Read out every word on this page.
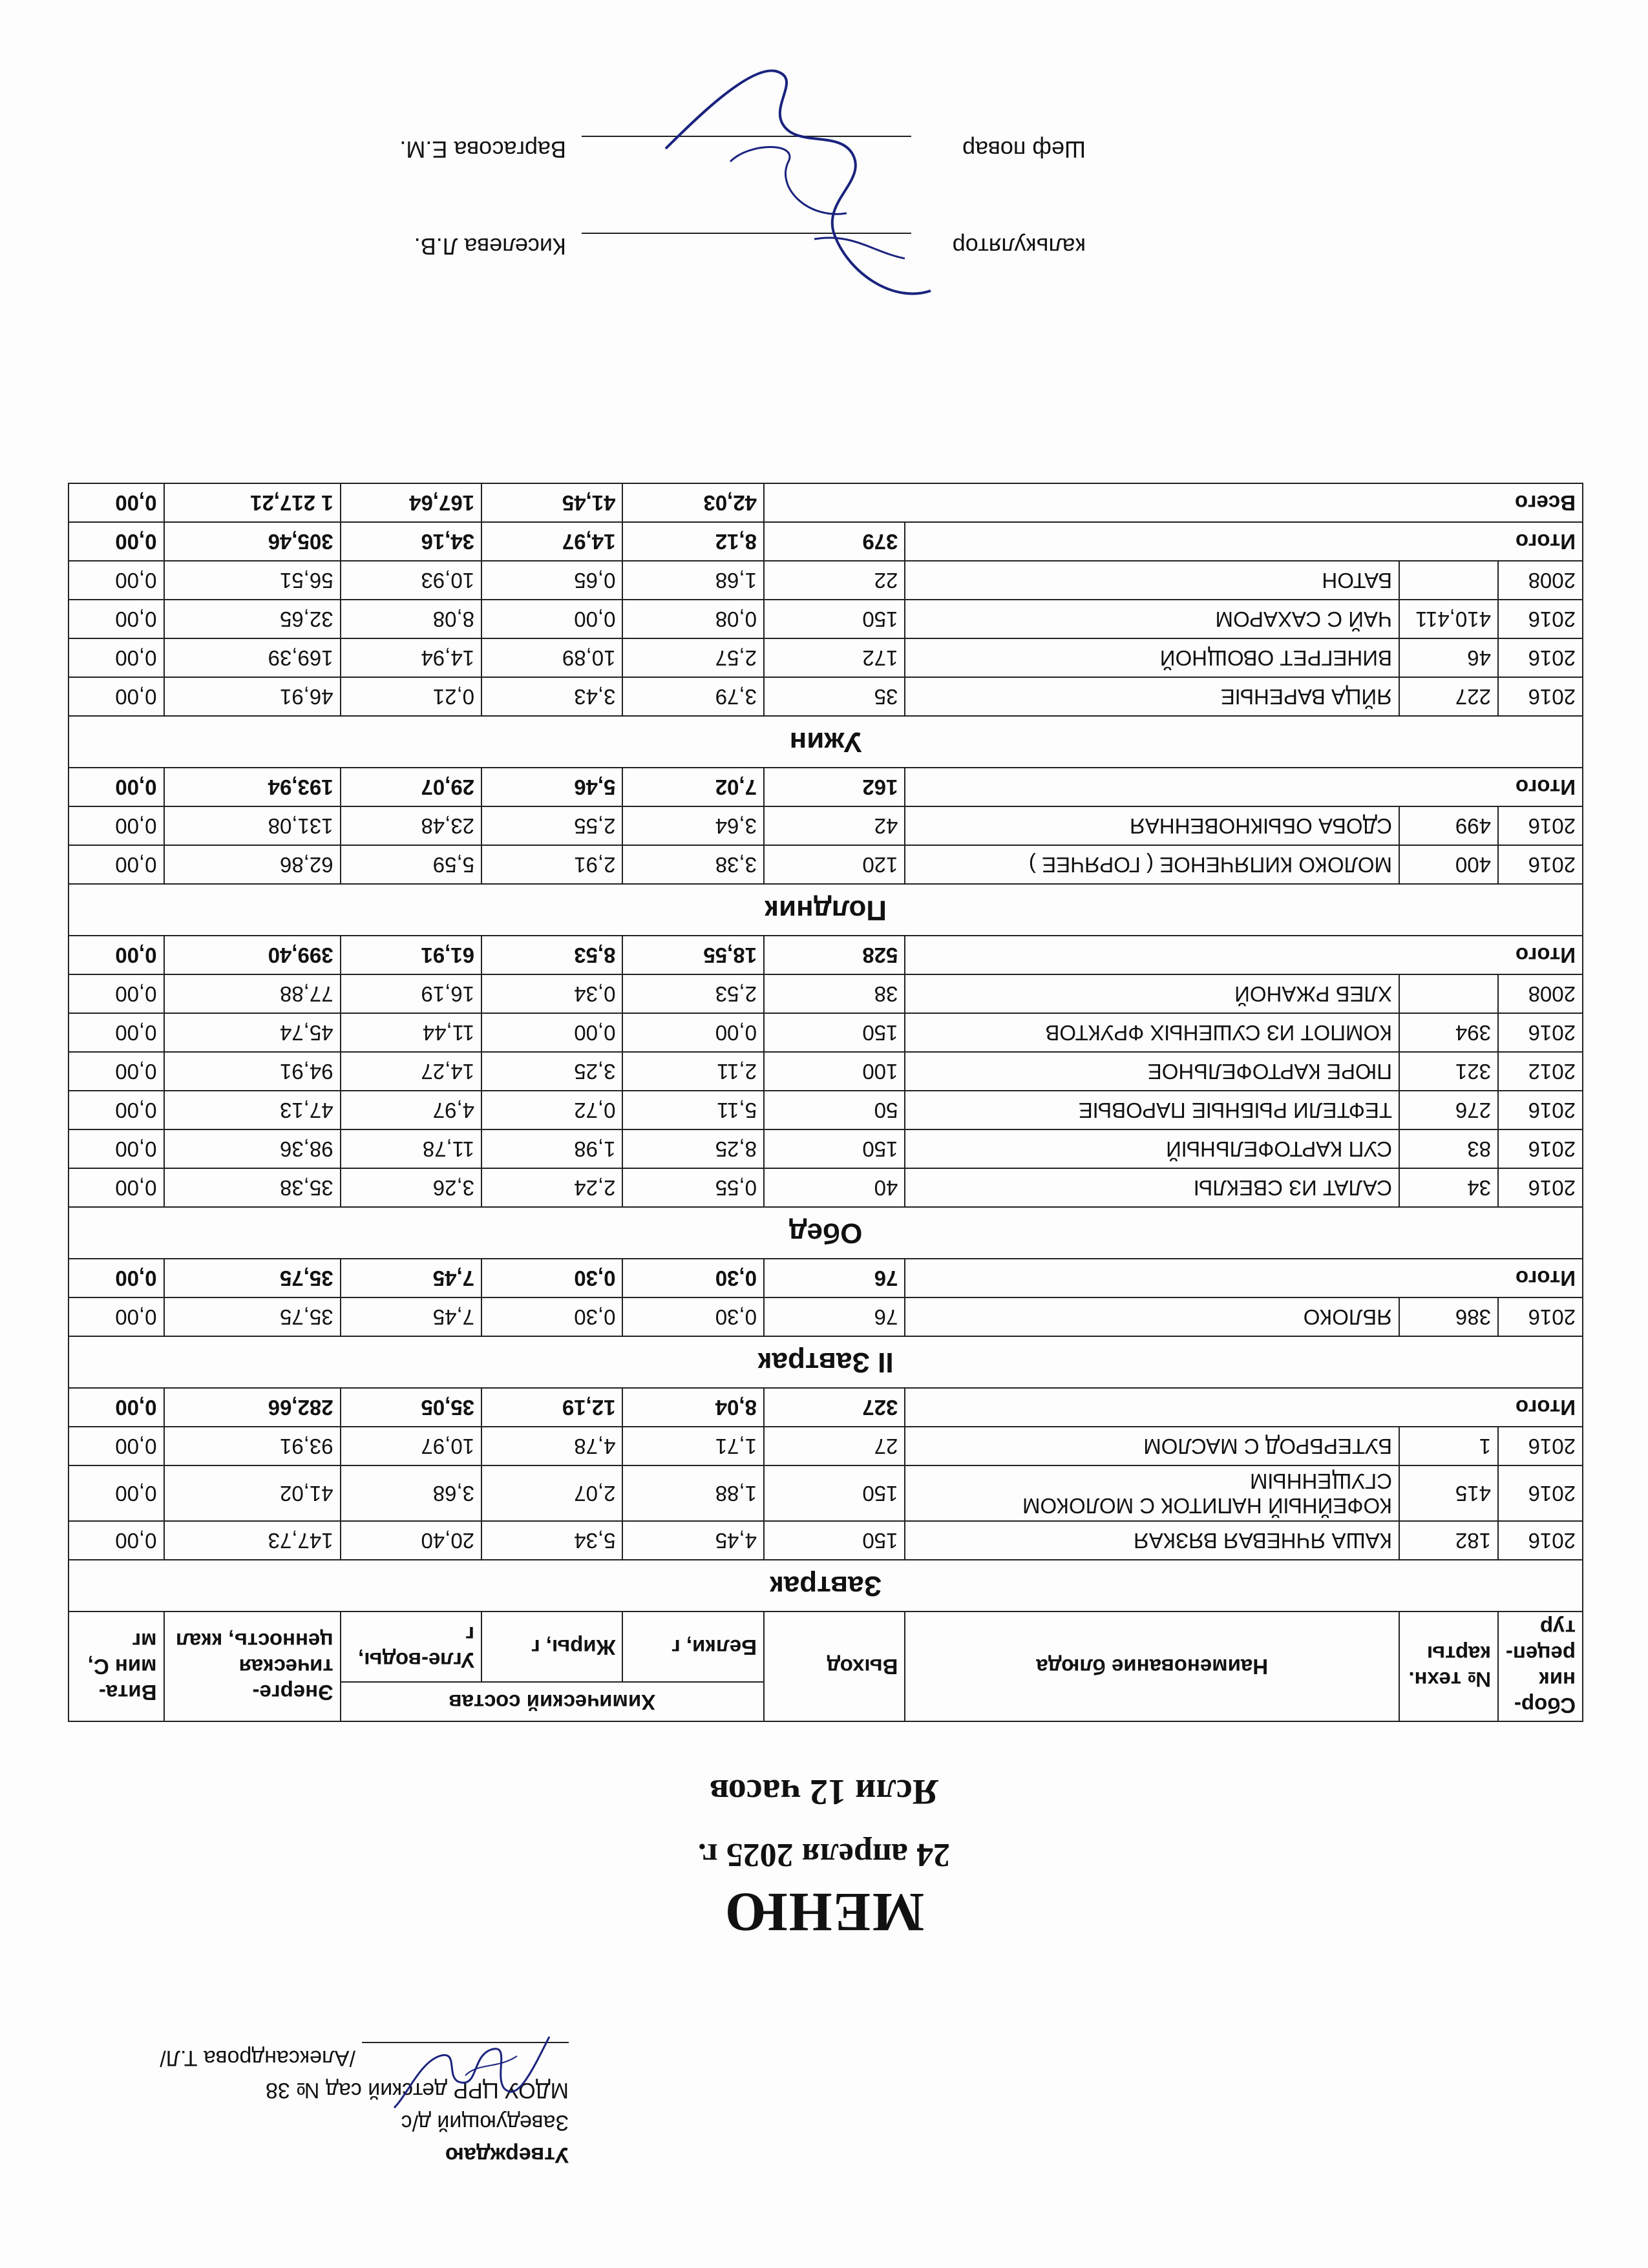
Утверждаю
Заведующий д/с
МДОУ ЦРР детский сад № 38
/Александрова Т.Л/
МЕНЮ
24 апреля 2025 г.
Ясли 12 часов
Сбор-ник рецеп-тур	№ техн. карты	Наименование блюда	Выход	Химический состав			Энерге-тическая ценность, ккал	Вита-мин С, мг
				Белки, г	Жиры, г	Угле-воды, г		
Завтрак								
2016	182	КАША ЯЧНЕВАЯ ВЯЗКАЯ	150	4,45	5,34	20,40	147,73	0,00
2016	415	КОФЕЙНЫЙ НАПИТОК С МОЛОКОМ СГУЩЕННЫМ	150	1,88	2,07	3,68	41,02	0,00
2016	1	БУТЕРБРОД С МАСЛОМ	27	1,71	4,78	10,97	93,91	0,00
Итого			327	8,04	12,19	35,05	282,66	0,00
II Завтрак								
2016	386	ЯБЛОКО	76	0,30	0,30	7,45	35,75	0,00
Итого			76	0,30	0,30	7,45	35,75	0,00
Обед								
2016	34	САЛАТ ИЗ СВЕКЛЫ	40	0,55	2,24	3,26	35,38	0,00
2016	83	СУП КАРТОФЕЛЬНЫЙ	150	8,25	1,98	11,78	98,36	0,00
2016	276	ТЕФТЕЛИ РЫБНЫЕ ПАРОВЫЕ	50	5,11	0,72	4,97	47,13	0,00
2012	321	ПЮРЕ КАРТОФЕЛЬНОЕ	100	2,11	3,25	14,27	94,91	0,00
2016	394	КОМПОТ ИЗ СУШЕНЫХ ФРУКТОВ	150	0,00	0,00	11,44	45,74	0,00
2008		ХЛЕБ РЖАНОЙ	38	2,53	0,34	16,19	77,88	0,00
Итого			528	18,55	8,53	61,91	399,40	0,00
Полдник								
2016	400	МОЛОКО КИПЯЧЕНОЕ ( ГОРЯЧЕЕ )	120	3,38	2,91	5,59	62,86	0,00
2016	499	СДОБА ОБЫКНОВЕННАЯ	42	3,64	2,55	23,48	131,08	0,00
Итого			162	7,02	5,46	29,07	193,94	0,00
Ужин								
2016	227	ЯЙЦА ВАРЕНЫЕ	35	3,79	3,43	0,21	46,91	0,00
2016	46	ВИНЕГРЕТ ОВОЩНОЙ	172	2,57	10,89	14,94	169,39	0,00
2016	410,411	ЧАЙ С САХАРОМ	150	0,08	0,00	8,08	32,65	0,00
2008		БАТОН	22	1,68	0,65	10,93	56,51	0,00
Итого			379	8,12	14,97	34,16	305,46	0,00
Всего				42,03	41,45	167,64	1 217,21	0,00
калькулятор
Киселева Л.В.
Шеф повар
Варгасова Е.М.
